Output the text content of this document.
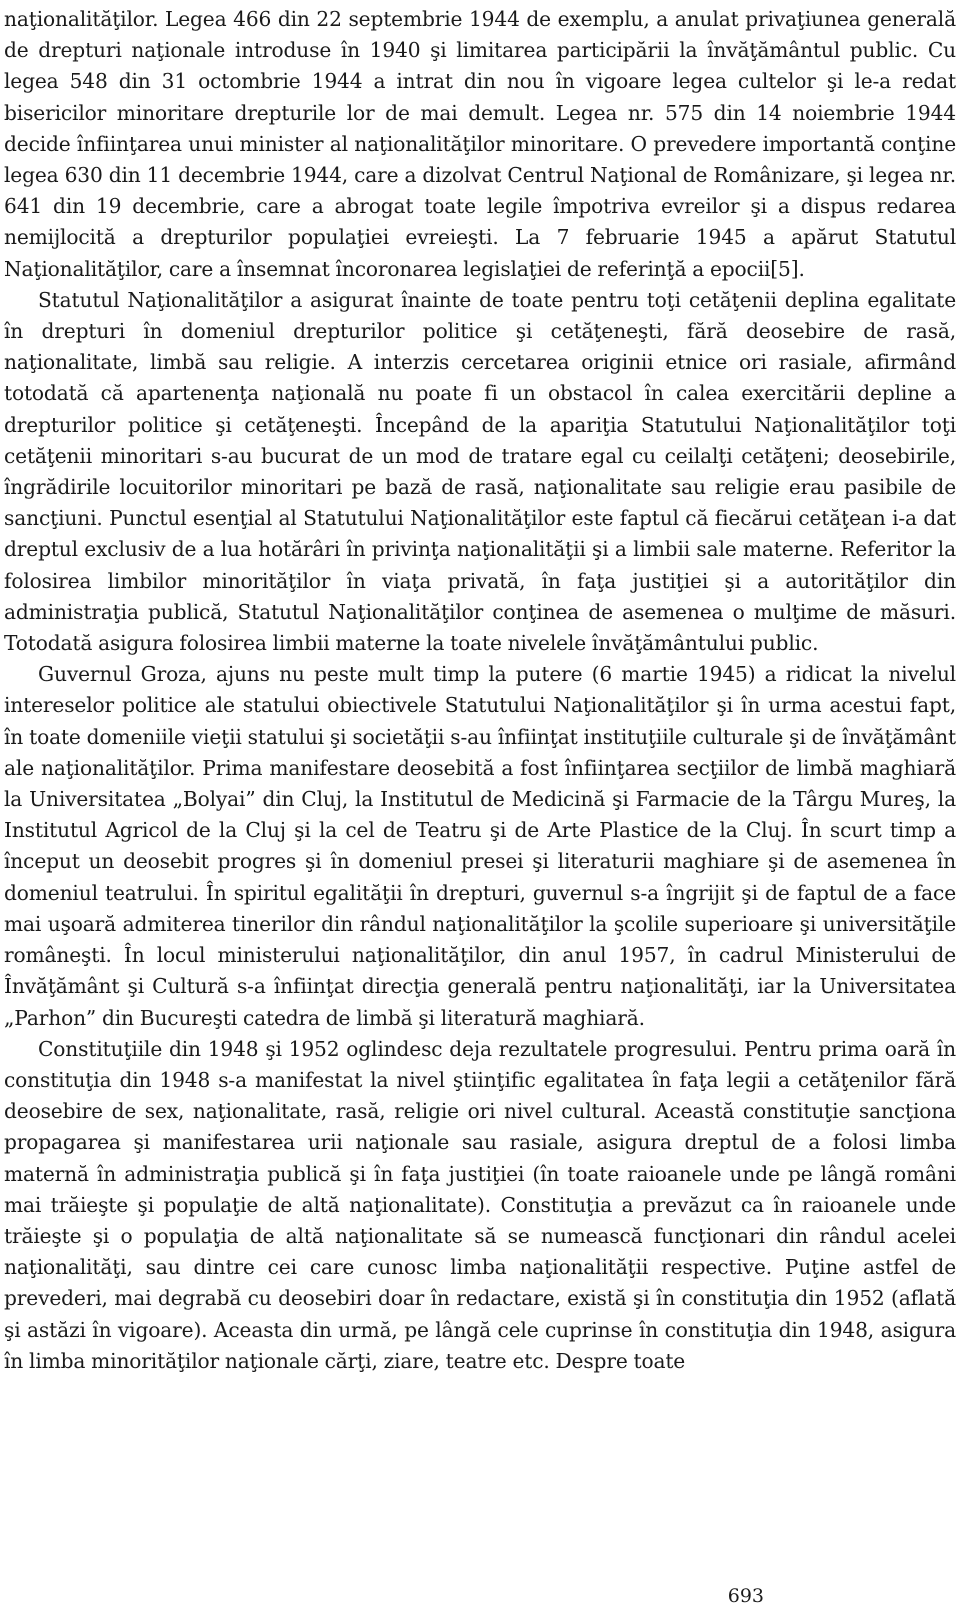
naţionalităţilor. Legea 466 din 22 septembrie 1944 de exemplu, a anulat privaţiunea generală de drepturi naţionale introduse în 1940 şi limitarea participării la învăţământul public. Cu legea 548 din 31 octombrie 1944 a intrat din nou în vigoare legea cultelor şi le-a redat bisericilor minoritare drepturile lor de mai demult. Legea nr. 575 din 14 noiembrie 1944 decide înfiinţarea unui minister al naţionalităţilor minoritare. O prevedere importantă conţine legea 630 din 11 decembrie 1944, care a dizolvat Centrul Naţional de Românizare, şi legea nr. 641 din 19 decembrie, care a abrogat toate legile împotriva evreilor şi a dispus redarea nemijlocită a drepturilor populaţiei evreieşti. La 7 februarie 1945 a apărut Statutul Naţionalităţilor, care a însemnat încoronarea legislaţiei de referinţă a epocii[5].

Statutul Naţionalităţilor a asigurat înainte de toate pentru toţi cetăţenii deplina egalitate în drepturi în domeniul drepturilor politice şi cetăţeneşti, fără deosebire de rasă, naţionalitate, limbă sau religie. A interzis cercetarea originii etnice ori rasiale, afirmând totodată că apartenenţa naţională nu poate fi un obstacol în calea exercitării depline a drepturilor politice şi cetăţeneşti. Începând de la apariţia Statutului Naţionalităţilor toţi cetăţenii minoritari s-au bucurat de un mod de tratare egal cu ceilalţi cetăţeni; deosebirile, îngrădirile locuitorilor minoritari pe bază de rasă, naţionalitate sau religie erau pasibile de sancţiuni. Punctul esenţial al Statutului Naţionalităţilor este faptul că fiecărui cetăţean i-a dat dreptul exclusiv de a lua hotărâri în privinţa naţionalităţii şi a limbii sale materne. Referitor la folosirea limbilor minorităţilor în viaţa privată, în faţa justiţiei şi a autorităţilor din administraţia publică, Statutul Naţionalităţilor conţinea de asemenea o mulţime de măsuri. Totodată asigura folosirea limbii materne la toate nivelele învăţământului public.

Guvernul Groza, ajuns nu peste mult timp la putere (6 martie 1945) a ridicat la nivelul intereselor politice ale statului obiectivele Statutului Naţionalităţilor şi în urma acestui fapt, în toate domeniile vieţii statului şi societăţii s-au înfiinţat instituţiile culturale şi de învăţământ ale naţionalităţilor. Prima manifestare deosebită a fost înfiinţarea secţiilor de limbă maghiară la Universitatea „Bolyai” din Cluj, la Institutul de Medicină şi Farmacie de la Târgu Mureş, la Institutul Agricol de la Cluj şi la cel de Teatru şi de Arte Plastice de la Cluj. În scurt timp a început un deosebit progres şi în domeniul presei şi literaturii maghiare şi de asemenea în domeniul teatrului. În spiritul egalităţii în drepturi, guvernul s-a îngrijit şi de faptul de a face mai uşoară admiterea tinerilor din rândul naţionalităţilor la şcolile superioare şi universităţile româneşti. În locul ministerului naţionalităţilor, din anul 1957, în cadrul Ministerului de Învăţământ şi Cultură s-a înfiinţat direcţia generală pentru naţionalităţi, iar la Universitatea „Parhon” din Bucureşti catedra de limbă şi literatură maghiară.

Constituţiile din 1948 şi 1952 oglindesc deja rezultatele progresului. Pentru prima oară în constituţia din 1948 s-a manifestat la nivel ştiinţific egalitatea în faţa legii a cetăţenilor fără deosebire de sex, naţionalitate, rasă, religie ori nivel cultural. Această constituţie sancţiona propagarea şi manifestarea urii naţionale sau rasiale, asigura dreptul de a folosi limba maternă în administraţia publică şi în faţa justiţiei (în toate raioanele unde pe lângă români mai trăieşte şi populaţie de altă naţionalitate). Constituţia a prevăzut ca în raioanele unde trăieşte şi o populaţia de altă naţionalitate să se numească funcţionari din rândul acelei naţionalităţi, sau dintre cei care cunosc limba naţionalităţii respective. Puţine astfel de prevederi, mai degrabă cu deosebiri doar în redactare, există şi în constituţia din 1952 (aflată şi astăzi în vigoare). Aceasta din urmă, pe lângă cele cuprinse în constituţia din 1948, asigura în limba minorităţilor naţionale cărţi, ziare, teatre etc. Despre toate

693
